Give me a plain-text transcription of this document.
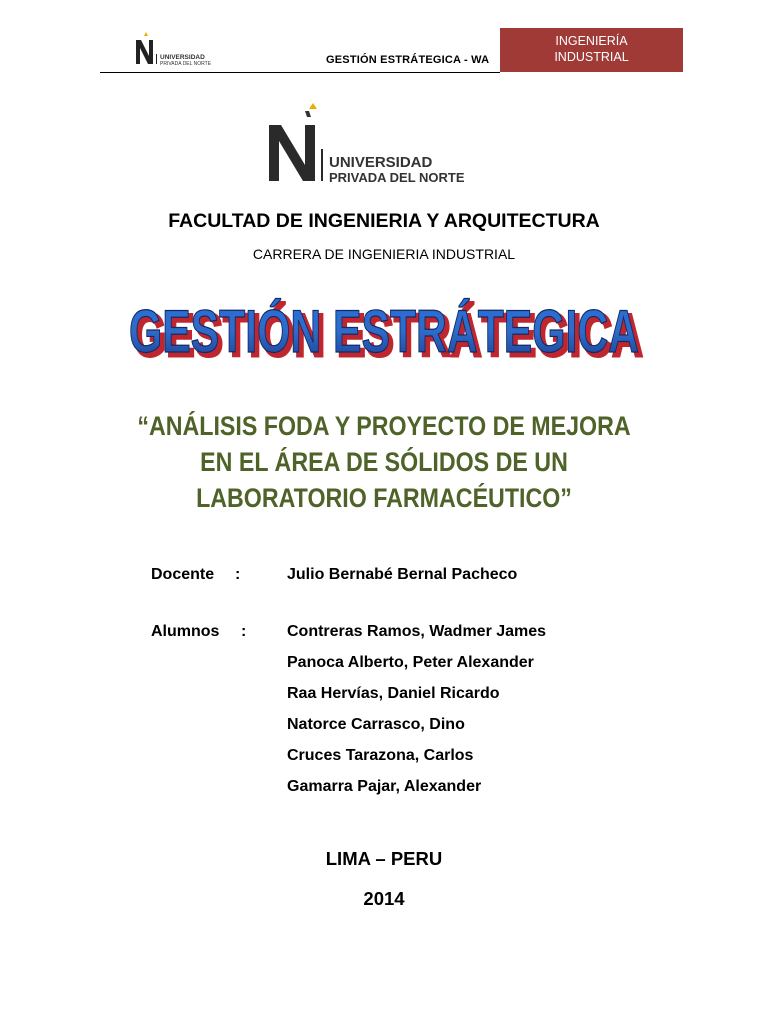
UNIVERSIDAD
PRIVADA DEL NORTE	GESTIÓN ESTRÁTEGICA - WA
INGENIERÍA
INDUSTRIAL
UNIVERSIDAD
PRIVADA DEL NORTE
FACULTAD DE INGENIERIA Y ARQUITECTURA
CARRERA DE INGENIERIA INDUSTRIAL
GESTIÓN ESTRÁTEGICA
GESTIÓN ESTRÁTEGICA
“ANÁLISIS FODA Y PROYECTO DE MEJORA
EN EL ÁREA DE SÓLIDOS DE UN
LABORATORIO FARMACÉUTICO”
Docente :	Julio Bernabé Bernal Pacheco
Alumnos :	Contreras Ramos, Wadmer James
Panoca Alberto, Peter Alexander
Raa Hervías, Daniel Ricardo
Natorce Carrasco, Dino
Cruces Tarazona, Carlos
Gamarra Pajar, Alexander
LIMA – PERU
2014
